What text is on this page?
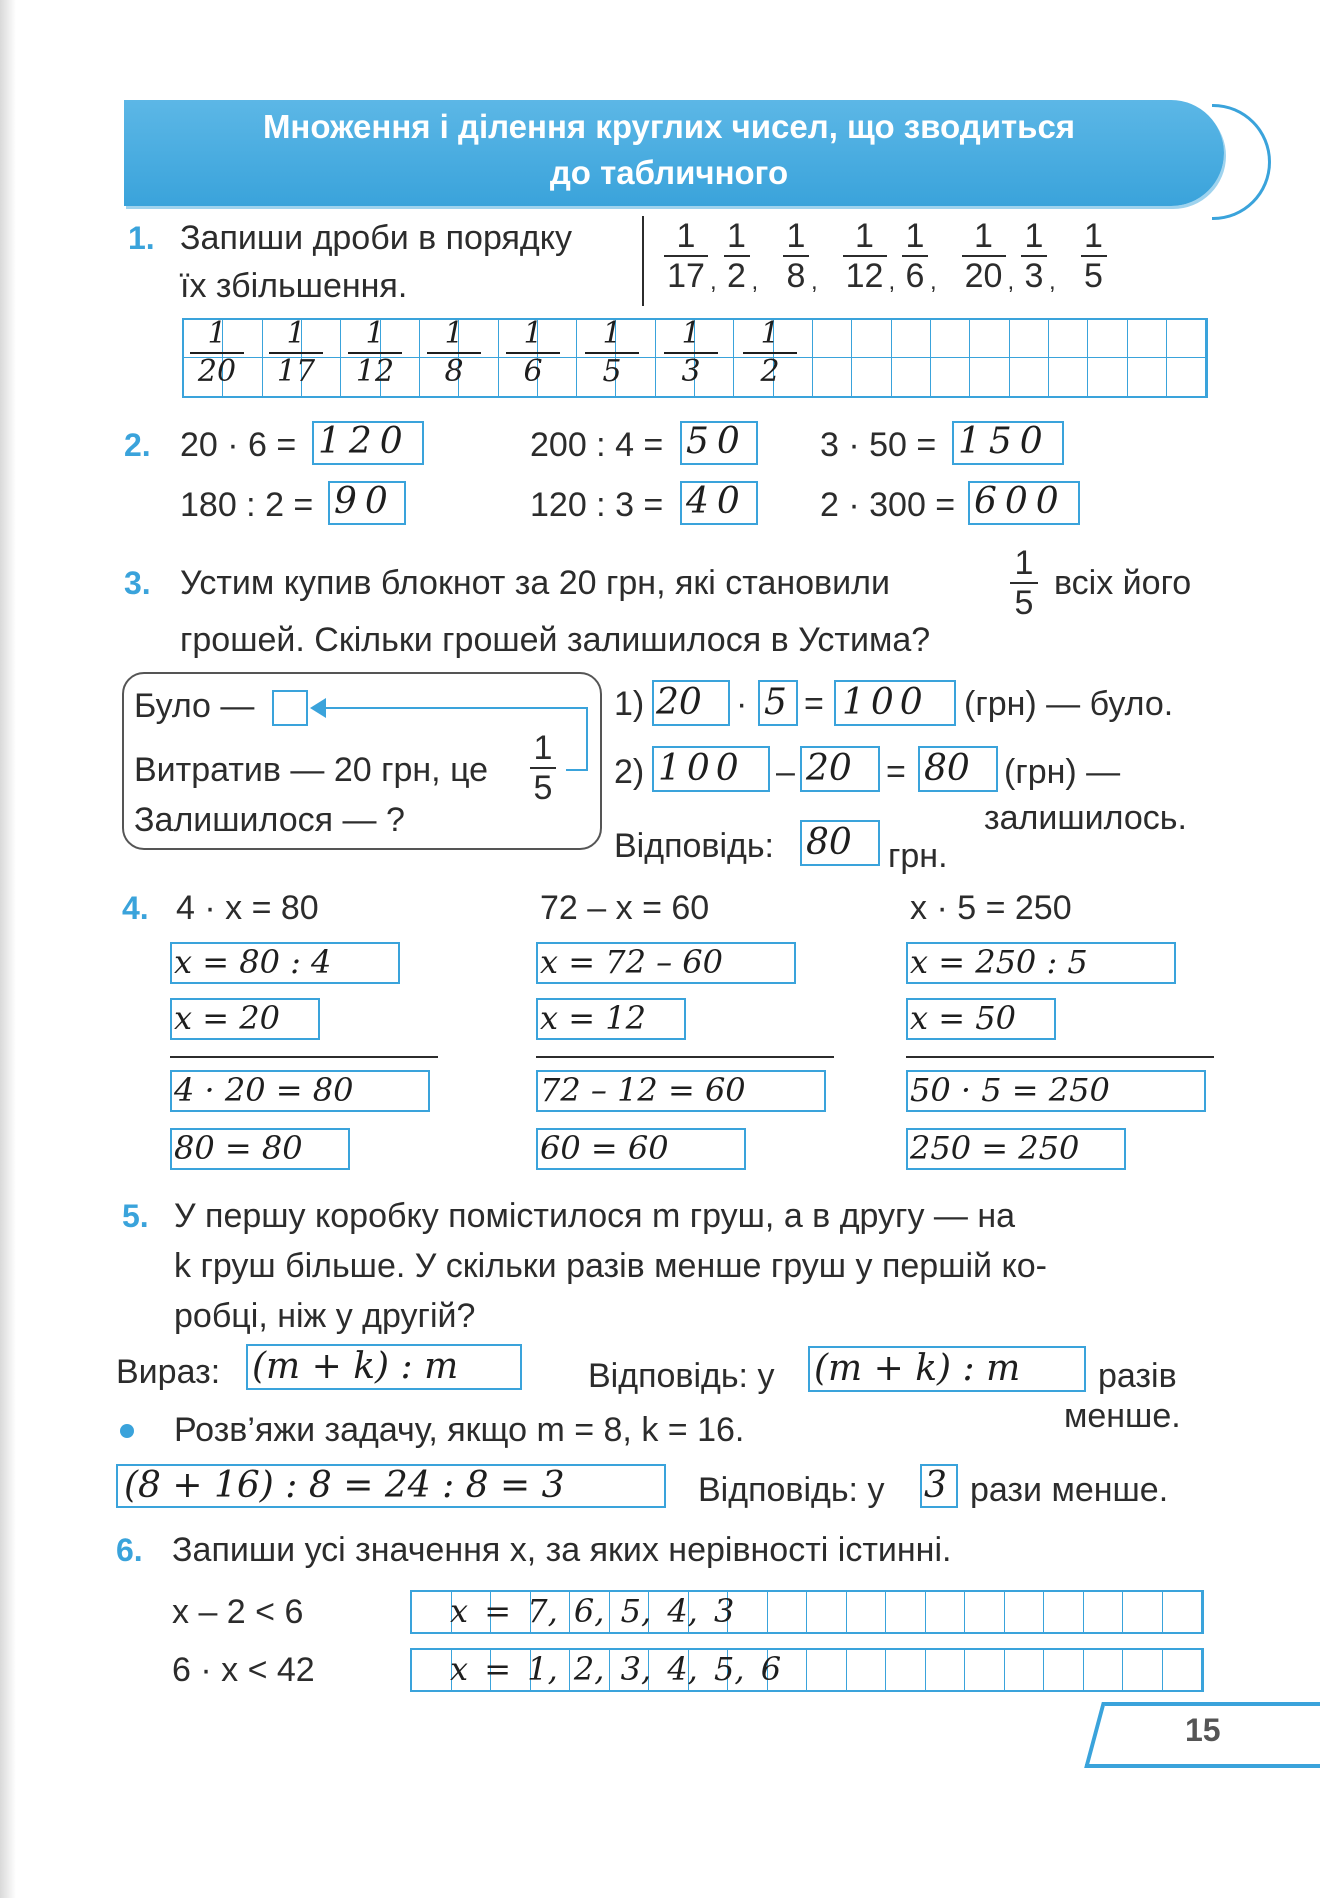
Множення і ділення круглих чисел, що зводиться
до табличного
1. Запиши дроби в порядку
їх збільшення.
1
17 ,
1
2 ,
1
8 ,
1
12 ,
1
6 ,
1
20 ,
1
3 ,
1
5
1
20
1
17
1
12
1
8
1
6
1
5
1
3
1
2
2. 20 · 6 = 120	200 : 4 = 50 3 · 50 = 150
180 : 2 = 90	120 : 3 = 40 2 · 300 = 600
3. Устим купив блокнот за 20 грн, які становили
1
5
всіх його
грошей. Скільки грошей залишилося в Устима?
Було —
Витратив — 20 грн, це
1
5
Залишилося — ?
1) 20 · 5 = 100 (грн) — було.
2) 100 – 20 = 80 (грн) —
залишилось.
Відповідь: 80 грн.
4. 4 · x = 80
x = 80 : 4
x = 20
4 · 20 = 80
80 = 80
72 – x = 60
x = 72 – 60
x = 12
72 – 12 = 60
60 = 60
x · 5 = 250
x = 250 : 5
x = 50
50 · 5 = 250
250 = 250
5. У першу коробку помістилося m груш, а в другу — на
k груш більше. У скільки разів менше груш у першій ко-
робці, ніж у другій?
Вираз: (m + k) : m	Відповідь: у (m + k) : m разів
менше.
Розв’яжи задачу, якщо m = 8, k = 16.
(8 + 16) : 8 = 24 : 8 = 3	Відповідь: у 3 рази менше.
6. Запиши усі значення x, за яких нерівності істинні.
x – 2 < 6	x = 7, 6, 5, 4, 3
6 · x < 42	x = 1, 2, 3, 4, 5, 6
15
